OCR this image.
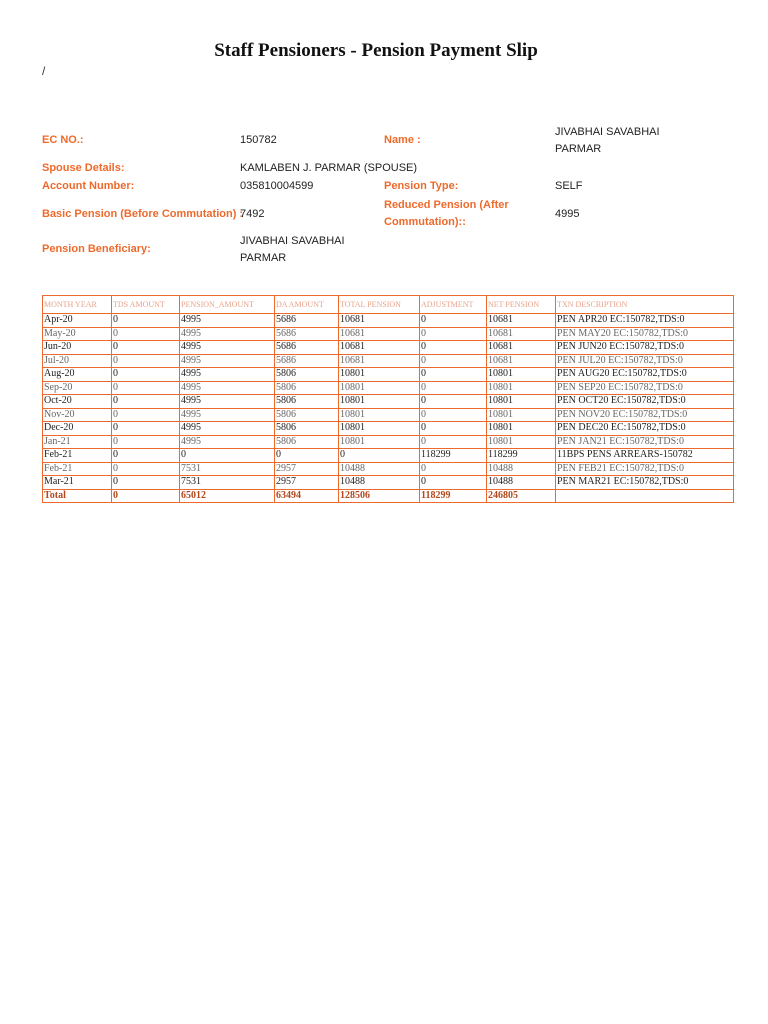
Staff Pensioners - Pension Payment Slip
/
EC NO.:	150782	Name :
JIVABHAI SAVABHAI
PARMAR
Spouse Details:	KAMLABEN J. PARMAR (SPOUSE)
Account Number:	035810004599	Pension Type:	SELF
Basic Pension (Before Commutation) :
7492
Reduced Pension (After
Commutation)::
4995
Pension Beneficiary:
JIVABHAI SAVABHAI
PARMAR
MONTH YEAR	TDS AMOUNT	PENSION_AMOUNT	DA AMOUNT	TOTAL PENSION	ADJUSTMENT	NET PENSION	TXN DESCRIPTION
Apr-20	0	4995	5686	10681	0	10681	PEN APR20 EC:150782,TDS:0
May-20	0	4995	5686	10681	0	10681	PEN MAY20 EC:150782,TDS:0
Jun-20	0	4995	5686	10681	0	10681	PEN JUN20 EC:150782,TDS:0
Jul-20	0	4995	5686	10681	0	10681	PEN JUL20 EC:150782,TDS:0
Aug-20	0	4995	5806	10801	0	10801	PEN AUG20 EC:150782,TDS:0
Sep-20	0	4995	5806	10801	0	10801	PEN SEP20 EC:150782,TDS:0
Oct-20	0	4995	5806	10801	0	10801	PEN OCT20 EC:150782,TDS:0
Nov-20	0	4995	5806	10801	0	10801	PEN NOV20 EC:150782,TDS:0
Dec-20	0	4995	5806	10801	0	10801	PEN DEC20 EC:150782,TDS:0
Jan-21	0	4995	5806	10801	0	10801	PEN JAN21 EC:150782,TDS:0
Feb-21	0	0	0	0	118299	118299	11BPS PENS ARREARS-150782
Feb-21	0	7531	2957	10488	0	10488	PEN FEB21 EC:150782,TDS:0
Mar-21	0	7531	2957	10488	0	10488	PEN MAR21 EC:150782,TDS:0
Total	0	65012	63494	128506	118299	246805	
